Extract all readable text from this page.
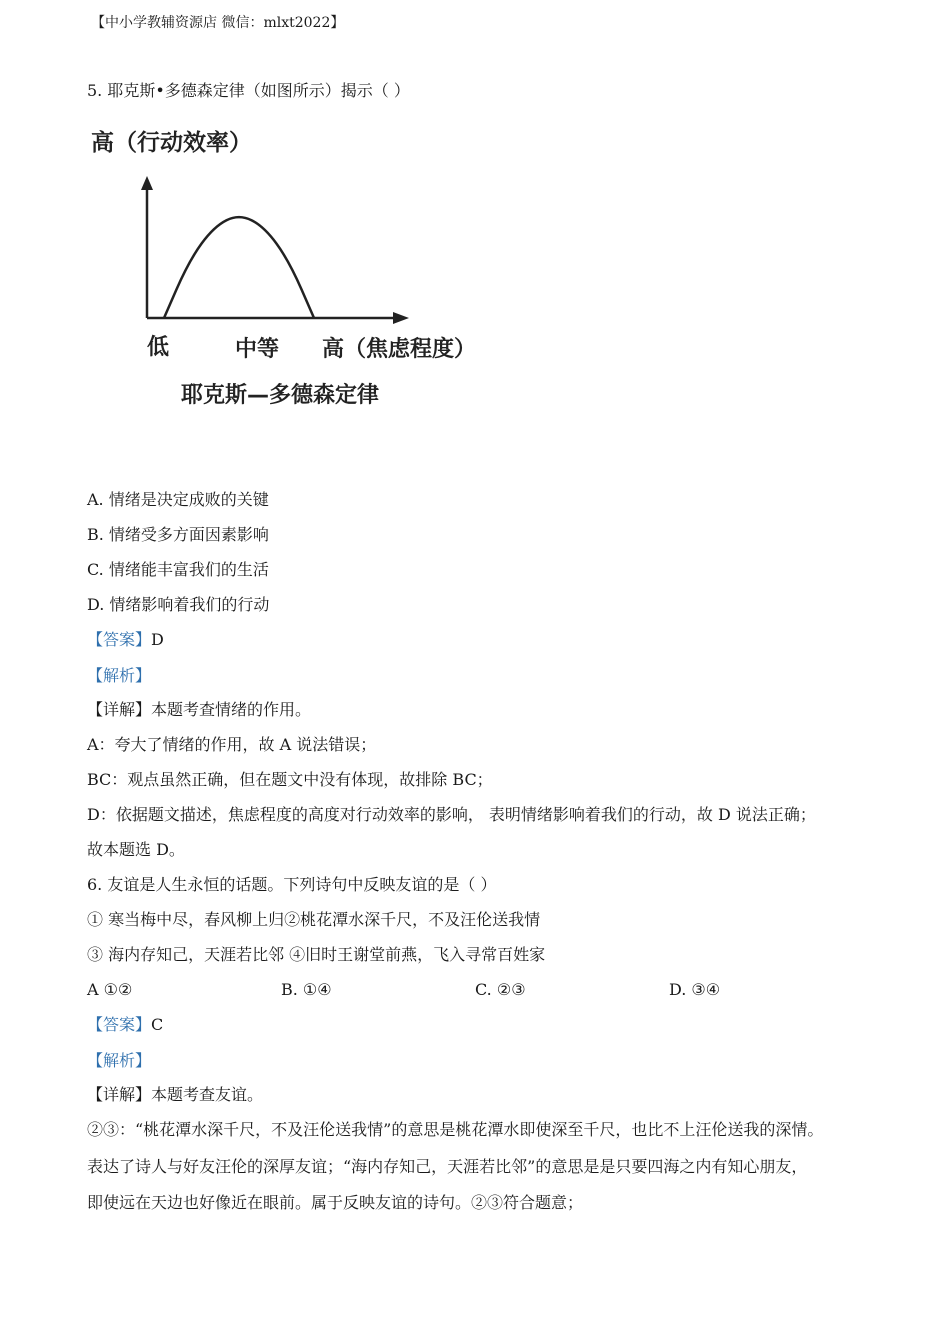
【中小学教辅资源店 微信：mlxt2022】
5. 耶克斯•多德森定律（如图所示）揭示（ ）
高（行动效率）
低	中等 高（焦虑程度）
耶克斯—多德森定律
A. 情绪是决定成败的关键
B. 情绪受多方面因素影响
C. 情绪能丰富我们的生活
D. 情绪影响着我们的行动
【答案】D
【解析】
【详解】本题考查情绪的作用。
A：夸大了情绪的作用，故 A 说法错误；
BC：观点虽然正确，但在题文中没有体现，故排除 BC；
D：依据题文描述，焦虑程度的高度对行动效率的影响， 表明情绪影响着我们的行动，故 D 说法正确；
故本题选 D。
6. 友谊是人生永恒的话题。下列诗句中反映友谊的是（ ）
① 寒当梅中尽，春风柳上归②桃花潭水深千尺，不及汪伦送我情
③ 海内存知己，天涯若比邻 ④旧时王谢堂前燕，飞入寻常百姓家
A ①②	B. ①④	C. ②③	D. ③④
【答案】C
【解析】
【详解】本题考查友谊。
②③：“桃花潭水深千尺，不及汪伦送我情”的意思是桃花潭水即使深至千尺，也比不上汪伦送我的深情。
表达了诗人与好友汪伦的深厚友谊；“海内存知己，天涯若比邻”的意思是是只要四海之内有知心朋友，
即使远在天边也好像近在眼前。属于反映友谊的诗句。②③符合题意；
